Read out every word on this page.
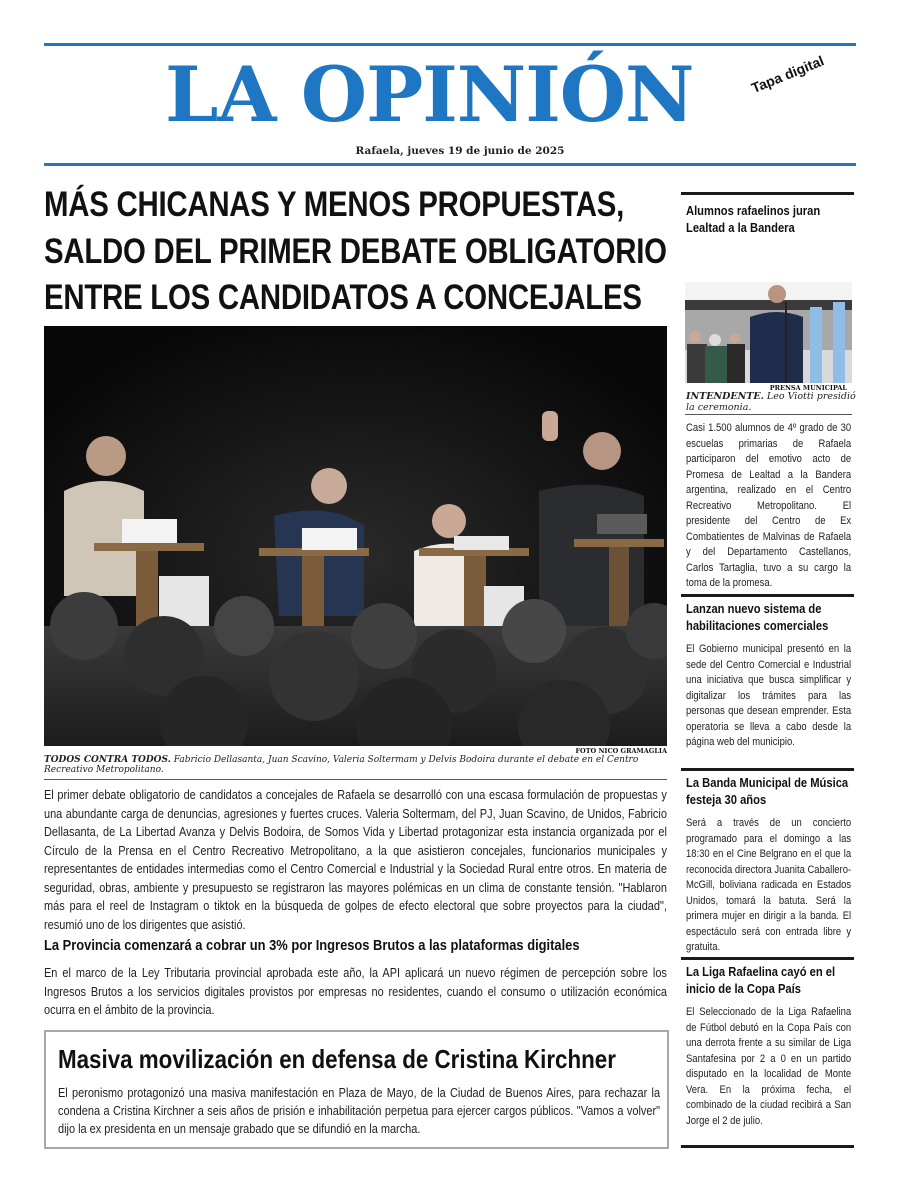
LA OPINIÓN	Tapa digital
Rafaela, jueves 19 de junio de 2025
MÁS CHICANAS Y MENOS PROPUESTAS,
SALDO DEL PRIMER DEBATE OBLIGATORIO
ENTRE LOS CANDIDATOS A CONCEJALES
FOTO NICO GRAMAGLIA
TODOS CONTRA TODOS. Fabricio Dellasanta, Juan Scavino, Valeria Soltermam y Delvis Bodoira durante el debate en el Centro Recreativo Metropolitano.
El primer debate obligatorio de candidatos a concejales de Rafaela se desarrolló con una escasa formulación de propuestas y una abundante carga de denuncias, agresiones y fuertes cruces. Valeria Soltermam, del PJ, Juan Scavino, de Unidos, Fabricio Dellasanta, de La Libertad Avanza y Delvis Bodoira, de Somos Vida y Libertad protagonizar esta instancia organizada por el Círculo de la Prensa en el Centro Recreativo Metropolitano, a la que asistieron concejales, funcionarios municipales y representantes de entidades intermedias como el Centro Comercial e Industrial y la Sociedad Rural entre otros. En materia de seguridad, obras, ambiente y presupuesto se registraron las mayores polémicas en un clima de constante tensión. "Hablaron más para el reel de Instagram o tiktok en la búsqueda de golpes de efecto electoral que sobre proyectos para la ciudad", resumió uno de los dirigentes que asistió.
La Provincia comenzará a cobrar un 3% por Ingresos Brutos a las plataformas digitales
En el marco de la Ley Tributaria provincial aprobada este año, la API aplicará un nuevo régimen de percepción sobre los Ingresos Brutos a los servicios digitales provistos por empresas no residentes, cuando el consumo o utilización económica ocurra en el ámbito de la provincia.
Masiva movilización en defensa de Cristina Kirchner
El peronismo protagonizó una masiva manifestación en Plaza de Mayo, de la Ciudad de Buenos Aires, para rechazar la condena a Cristina Kirchner a seis años de prisión e inhabilitación perpetua para ejercer cargos públicos. "Vamos a volver" dijo la ex presidenta en un mensaje grabado que se difundió en la marcha.
Alumnos rafaelinos juran Lealtad a la Bandera
PRENSA MUNICIPAL
INTENDENTE. Leo Viotti presidió la ceremonia.
Casi 1.500 alumnos de 4º grado de 30 escuelas primarias de Rafaela participaron del emotivo acto de Promesa de Lealtad a la Bandera argentina, realizado en el Centro Recreativo Metropolitano. El presidente del Centro de Ex Combatientes de Malvinas de Rafaela y del Departamento Castellanos, Carlos Tartaglia, tuvo a su cargo la toma de la promesa.
Lanzan nuevo sistema de habilitaciones comerciales
El Gobierno municipal presentó en la sede del Centro Comercial e Industrial una iniciativa que busca simplificar y digitalizar los trámites para las personas que desean emprender. Esta operatoria se lleva a cabo desde la página web del municipio.
La Banda Municipal de Música festeja 30 años
Será a través de un concierto programado para el domingo a las 18:30 en el Cine Belgrano en el que la reconocida directora Juanita Caballero-McGill, boliviana radicada en Estados Unidos, tomará la batuta. Será la primera mujer en dirigir a la banda. El espectáculo será con entrada libre y gratuita.
La Liga Rafaelina cayó en el inicio de la Copa País
El Seleccionado de la Liga Rafaelina de Fútbol debutó en la Copa País con una derrota frente a su similar de Liga Santafesina por 2 a 0 en un partido disputado en la localidad de Monte Vera. En la próxima fecha, el combinado de la ciudad recibirá a San Jorge el 2 de julio.
